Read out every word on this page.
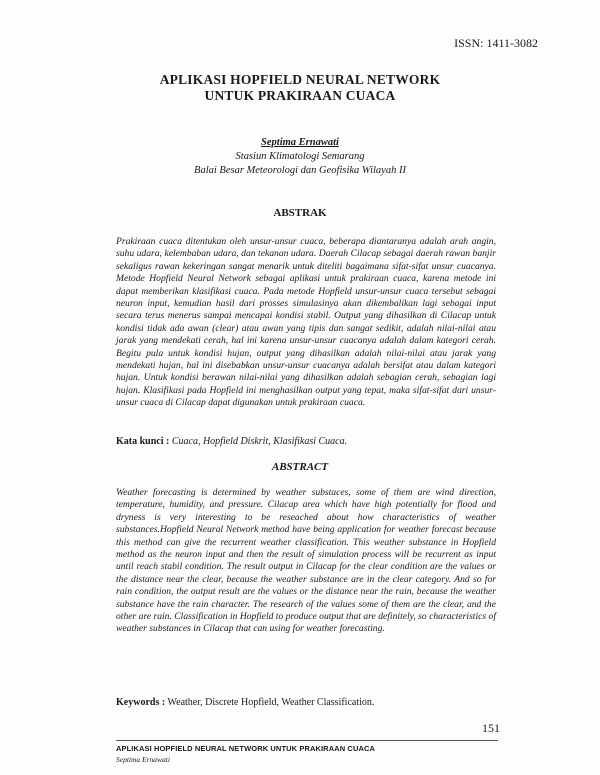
ISSN: 1411-3082
APLIKASI HOPFIELD NEURAL NETWORK
UNTUK PRAKIRAAN CUACA
Septima Ernawati
Stasiun Klimatologi Semarang
Balai Besar Meteorologi dan Geofisika Wilayah II
ABSTRAK

Prakiraan cuaca ditentukan oleh unsur-unsur cuaca, beberapa diantaranya adalah arah angin, suhu udara, kelembaban udara, dan tekanan udara. Daerah Cilacap sebagai daerah rawan banjir sekaligus rawan kekeringan sangat menarik untuk diteliti bagaimana sifat-sifat unsur cuacanya. Metode Hopfield Neural Network sebagai aplikasi untuk prakiraan cuaca, karena metode ini dapat memberikan klasifikasi cuaca. Pada metode Hopfield unsur-unsur cuaca tersebut sebagai neuron input, kemudian hasil dari prosses simulasinya akan dikembalikan lagi sebagai input secara terus menerus sampai mencapai kondisi stabil. Output yang dihasilkan di Cilacap untuk kondisi tidak ada awan (clear) atau awan yang tipis dan sangat sedikit, adalah nilai-nilai atau jarak yang mendekati cerah, hal ini karena unsur-unsur cuacanya adalah dalam kategori cerah. Begitu pula untuk kondisi hujan, output yang dihasilkan adalah nilai-nilai atau jarak yang mendekati hujan, hal ini disebabkan unsur-unsur cuacanya adalah bersifat atau dalam kategori hujan. Untuk kondisi berawan nilai-nilai yang dihasilkan adalah sebagian cerah, sebagian lagi hujan. Klasifikasi pada Hopfield ini menghasilkan output yang tepat, maka sifat-sifat dari unsur-unsur cuaca di Cilacap dapat digunakan untuk prakiraan cuaca.

Kata kunci : Cuaca, Hopfield Diskrit, Klasifikasi Cuaca.
ABSTRACT

Weather forecasting is determined by weather substaces, some of them are wind direction, temperature, humidity, and pressure. Cilacap area which have high potentially for flood and dryness is very interesting to be reseached about how characteristics of weather substances.Hopfield Neural Network method have being application for weather forecast because this method can give the recurrent weather classification. This weather substance in Hopfield method as the neuron input and then the result of simulation process will be recurrent as input until reach stabil condition. The result output in Cilacap for the clear condition are the values or the distance near the clear, because the weather substance are in the clear category. And so for rain condition, the output result are the values or the distance near the rain, because the weather substance have the rain character. The research of the values some of them are the clear, and the other are rain. Classification in Hopfield to produce output that are definitely, so characteristics of weather substances in Cilacap that can using for weather forecasting.

Keywords : Weather, Discrete Hopfield, Weather Classification.
151
APLIKASI HOPFIELD NEURAL NETWORK UNTUK PRAKIRAAN CUACA
Septima Ernawati
